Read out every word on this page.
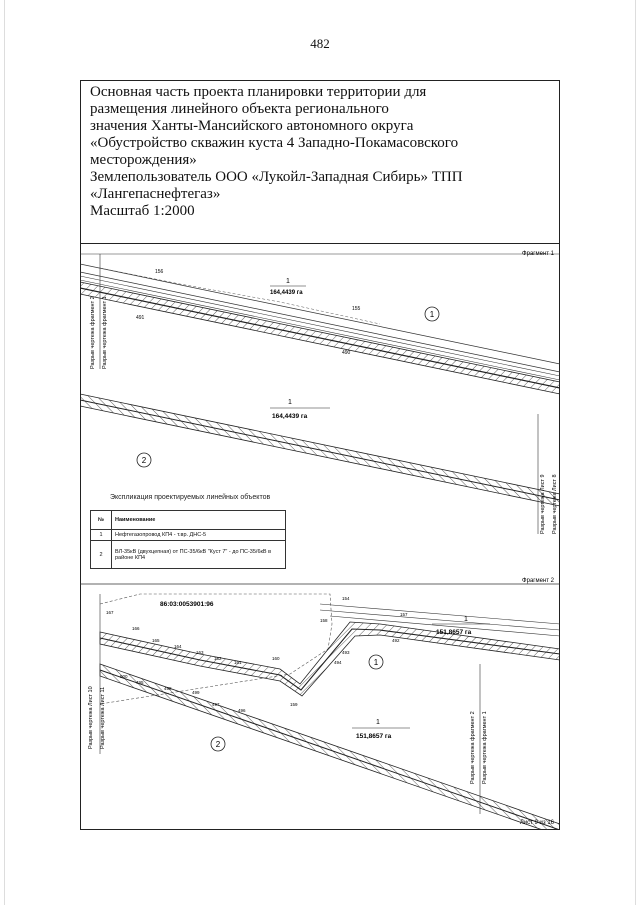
482
Основная часть проекта планировки территории для
размещения линейного объекта регионального
значения Ханты-Мансийского автономного округа
«Обустройство скважин куста 4 Западно-Покамасовского
месторождения»
Землепользователь ООО «Лукойл-Западная Сибирь» ТПП
«Лангепаснефтегаз»
Масштаб 1:2000
Фрагмент 1
Разрыв чертежа фрагмент 2 Разрыв чертежа фрагмент 1
Разрыв чертежа Лист 9 Разрыв чертежа Лист 8
1
164,4439 га
1
164,4439 га
156
491
155
490
1
2
Фрагмент 2
86:03:0053901:96
Разрыв чертежа Лист 10 Разрыв чертежа Лист 11	Разрыв чертежа фрагмент 2 Разрыв чертежа фрагмент 1
1
151,8657 га
1
151,8657 га
1
2
167
166
165
164
163
162
161
160
158
159
494
493
492
497
496
495
498
499
500
154
157
Лист 9 из 16
Экспликация проектируемых линейных объектов
№	Наименование
1	Нефтегазопровод КП4 - т.вр. ДНС-5
2	ВЛ-35кВ (двухцепная) от ПС-35/6кВ "Куст 7" - до ПС-35/6кВ в районе КП4
